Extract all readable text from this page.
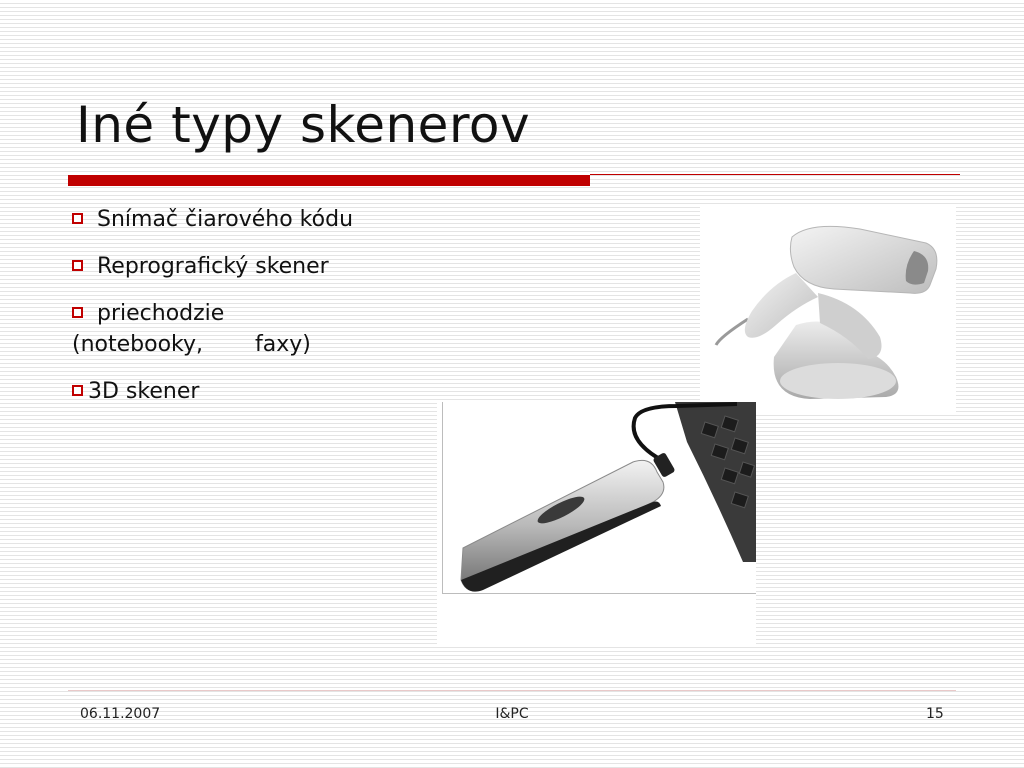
Iné typy skenerov
Snímač čiarového kódu
Reprografický skener
priechodzie
(notebooky, faxy)
3D skener
06.11.2007	I&PC	15
